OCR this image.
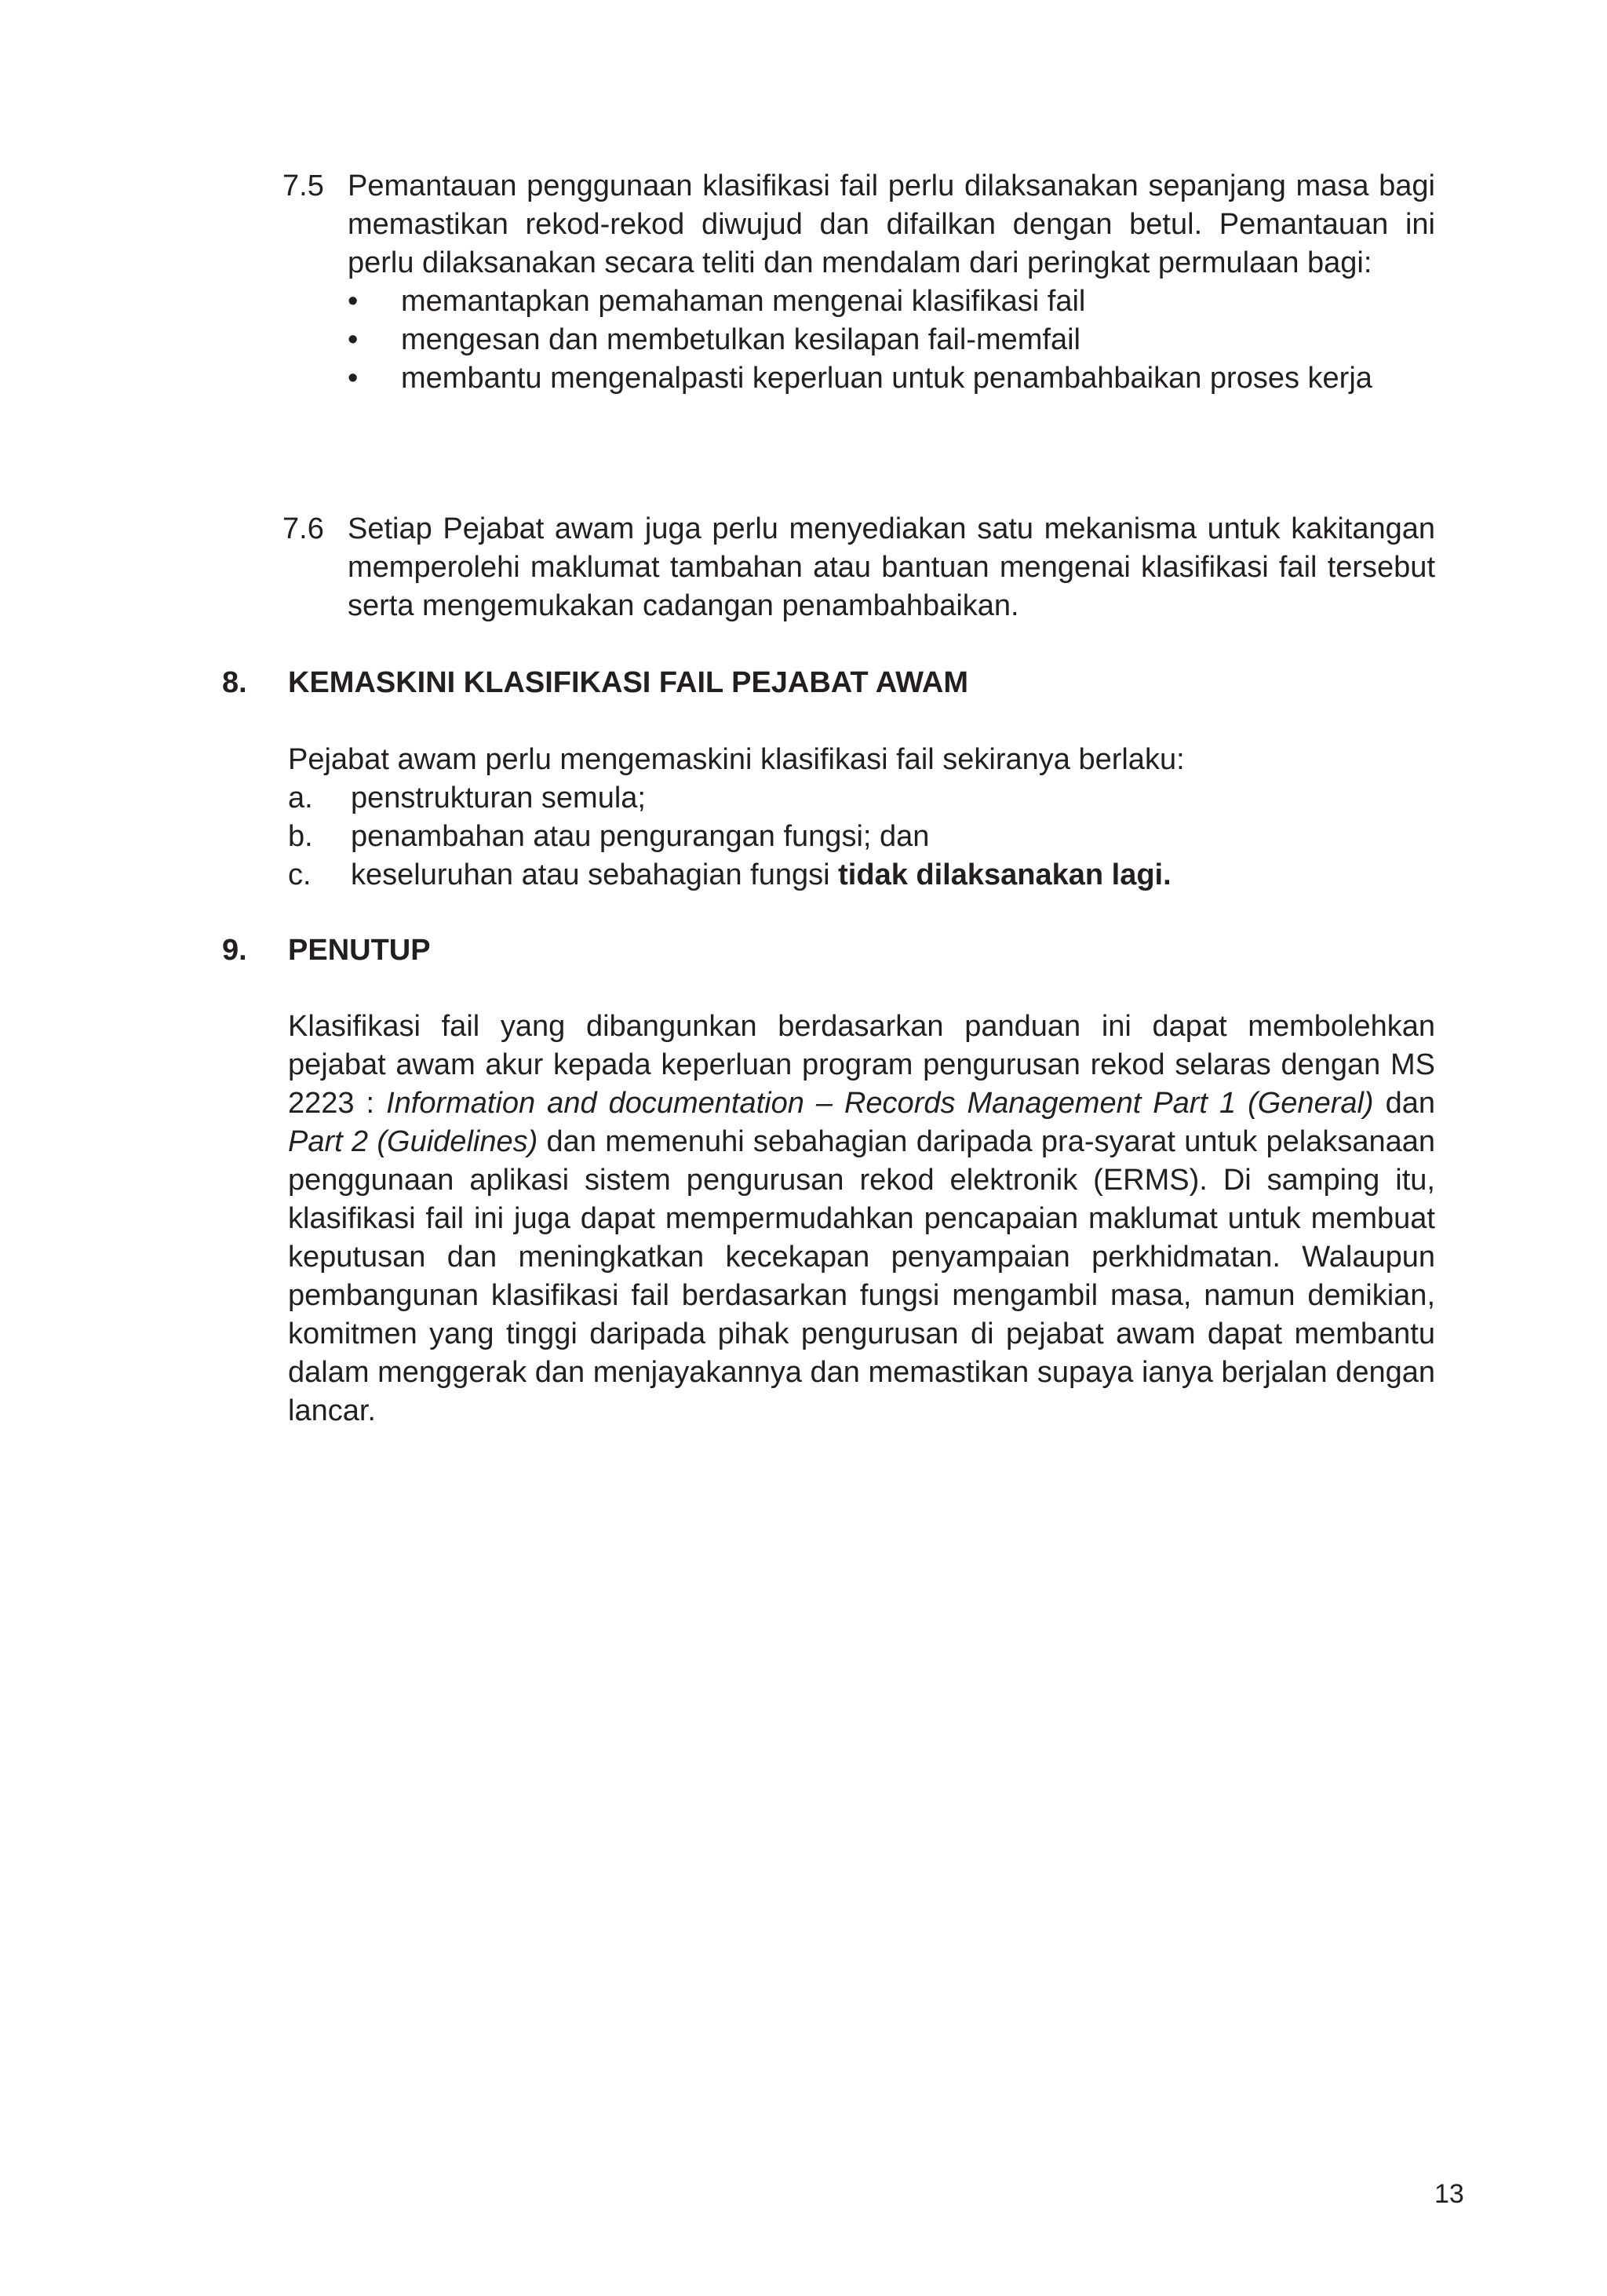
7.5 Pemantauan penggunaan klasifikasi fail perlu dilaksanakan sepanjang masa bagi memastikan rekod-rekod diwujud dan difailkan dengan betul. Pemantauan ini perlu dilaksanakan secara teliti dan mendalam dari peringkat permulaan bagi:
• memantapkan pemahaman mengenai klasifikasi fail
• mengesan dan membetulkan kesilapan fail-memfail
• membantu mengenalpasti keperluan untuk penambahbaikan proses kerja
7.6 Setiap Pejabat awam juga perlu menyediakan satu mekanisma untuk kakitangan memperolehi maklumat tambahan atau bantuan mengenai klasifikasi fail tersebut serta mengemukakan cadangan penambahbaikan.
8. KEMASKINI KLASIFIKASI FAIL PEJABAT AWAM
Pejabat awam perlu mengemaskini klasifikasi fail sekiranya berlaku:
a. penstrukturan semula;
b. penambahan atau pengurangan fungsi; dan
c. keseluruhan atau sebahagian fungsi tidak dilaksanakan lagi.
9. PENUTUP
Klasifikasi fail yang dibangunkan berdasarkan panduan ini dapat membolehkan pejabat awam akur kepada keperluan program pengurusan rekod selaras dengan MS 2223 : Information and documentation – Records Management Part 1 (General) dan Part 2 (Guidelines) dan memenuhi sebahagian daripada pra-syarat untuk pelaksanaan penggunaan aplikasi sistem pengurusan rekod elektronik (ERMS). Di samping itu, klasifikasi fail ini juga dapat mempermudahkan pencapaian maklumat untuk membuat keputusan dan meningkatkan kecekapan penyampaian perkhidmatan. Walaupun pembangunan klasifikasi fail berdasarkan fungsi mengambil masa, namun demikian, komitmen yang tinggi daripada pihak pengurusan di pejabat awam dapat membantu dalam menggerak dan menjayakannya dan memastikan supaya ianya berjalan dengan lancar.
13
